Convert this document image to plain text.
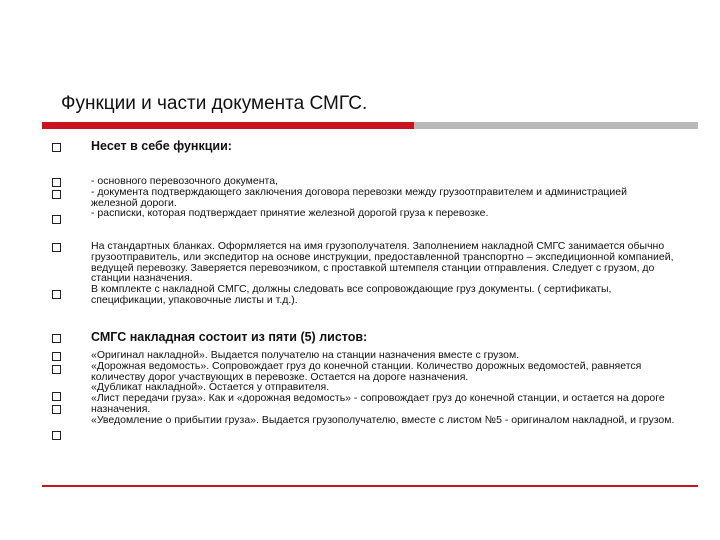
Функции и части документа СМГС.
Несет в себе функции:

- основного перевозочного документа,

- документа подтверждающего заключения договора перевозки между грузоотправителем и администрацией железной дороги.

- расписки, которая подтверждает принятие железной дорогой груза к перевозке.

На стандартных бланках. Оформляется на имя грузополучателя. Заполнением накладной СМГС занимается обычно грузоотправитель, или экспедитор на основе инструкции, предоставленной транспортно – экспедиционной компанией, ведущей перевозку. Заверяется перевозчиком, с проставкой штемпеля станции отправления. Следует с грузом, до станции назначения.

В комплекте с накладной СМГС, должны следовать все сопровождающие груз документы. ( сертификаты, спецификации, упаковочные листы и т.д.).

СМГС накладная состоит из пяти (5) листов:

«Оригинал накладной». Выдается получателю на станции назначения вместе с грузом.

«Дорожная ведомость». Сопровождает груз до конечной станции. Количество дорожных ведомостей, равняется количеству дорог участвующих в перевозке. Остается на дороге назначения.

«Дубликат накладной». Остается у отправителя.

«Лист передачи груза». Как и «дорожная ведомость» - сопровождает груз до конечной станции, и остается на дороге назначения.

«Уведомление о прибытии груза». Выдается грузополучателю, вместе с листом №5 - оригиналом накладной, и грузом.
